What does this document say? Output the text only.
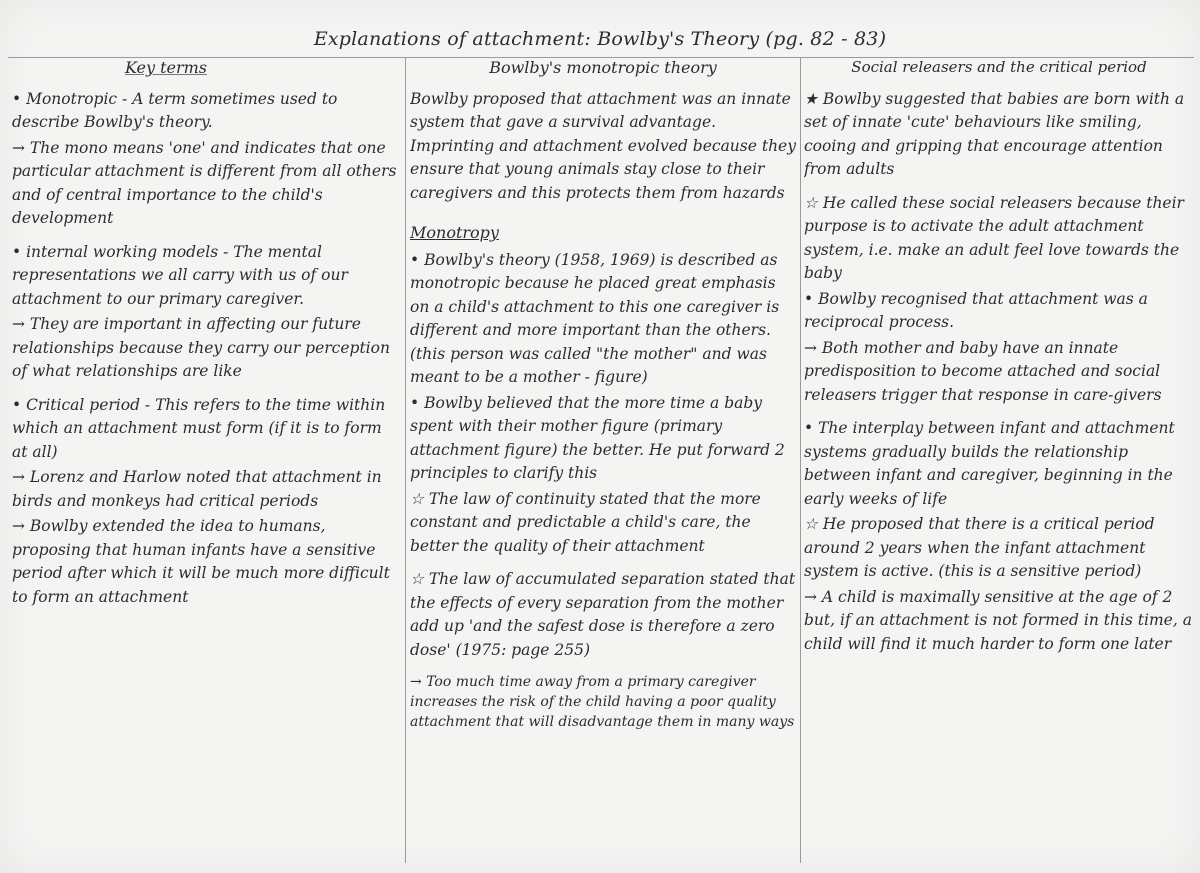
Explanations of attachment: Bowlby's Theory (pg. 82 - 83)
Key terms
• Monotropic - A term sometimes used to describe Bowlby's theory.
→ The mono means 'one' and indicates that one particular attachment is different from all others and of central importance to the child's development
• internal working models - The mental representations we all carry with us of our attachment to our primary caregiver.
→ They are important in affecting our future relationships because they carry our perception of what relationships are like
• Critical period - This refers to the time within which an attachment must form (if it is to form at all)
→ Lorenz and Harlow noted that attachment in birds and monkeys had critical periods
→ Bowlby extended the idea to humans, proposing that human infants have a sensitive period after which it will be much more difficult to form an attachment
Bowlby's monotropic theory
Bowlby proposed that attachment was an innate system that gave a survival advantage. Imprinting and attachment evolved because they ensure that young animals stay close to their caregivers and this protects them from hazards
Monotropy
• Bowlby's theory (1958, 1969) is described as monotropic because he placed great emphasis on a child's attachment to this one caregiver is different and more important than the others. (this person was called "the mother" and was meant to be a mother - figure)
• Bowlby believed that the more time a baby spent with their mother figure (primary attachment figure) the better. He put forward 2 principles to clarify this
☆ The law of continuity stated that the more constant and predictable a child's care, the better the quality of their attachment
☆ The law of accumulated separation stated that the effects of every separation from the mother add up 'and the safest dose is therefore a zero dose' (1975: page 255)
→ Too much time away from a primary caregiver increases the risk of the child having a poor quality attachment that will disadvantage them in many ways
Social releasers and the critical period
★ Bowlby suggested that babies are born with a set of innate 'cute' behaviours like smiling, cooing and gripping that encourage attention from adults
☆ He called these social releasers because their purpose is to activate the adult attachment system, i.e. make an adult feel love towards the baby
• Bowlby recognised that attachment was a reciprocal process.
→ Both mother and baby have an innate predisposition to become attached and social releasers trigger that response in care-givers
• The interplay between infant and attachment systems gradually builds the relationship between infant and caregiver, beginning in the early weeks of life
☆ He proposed that there is a critical period around 2 years when the infant attachment system is active. (this is a sensitive period)
→ A child is maximally sensitive at the age of 2 but, if an attachment is not formed in this time, a child will find it much harder to form one later
